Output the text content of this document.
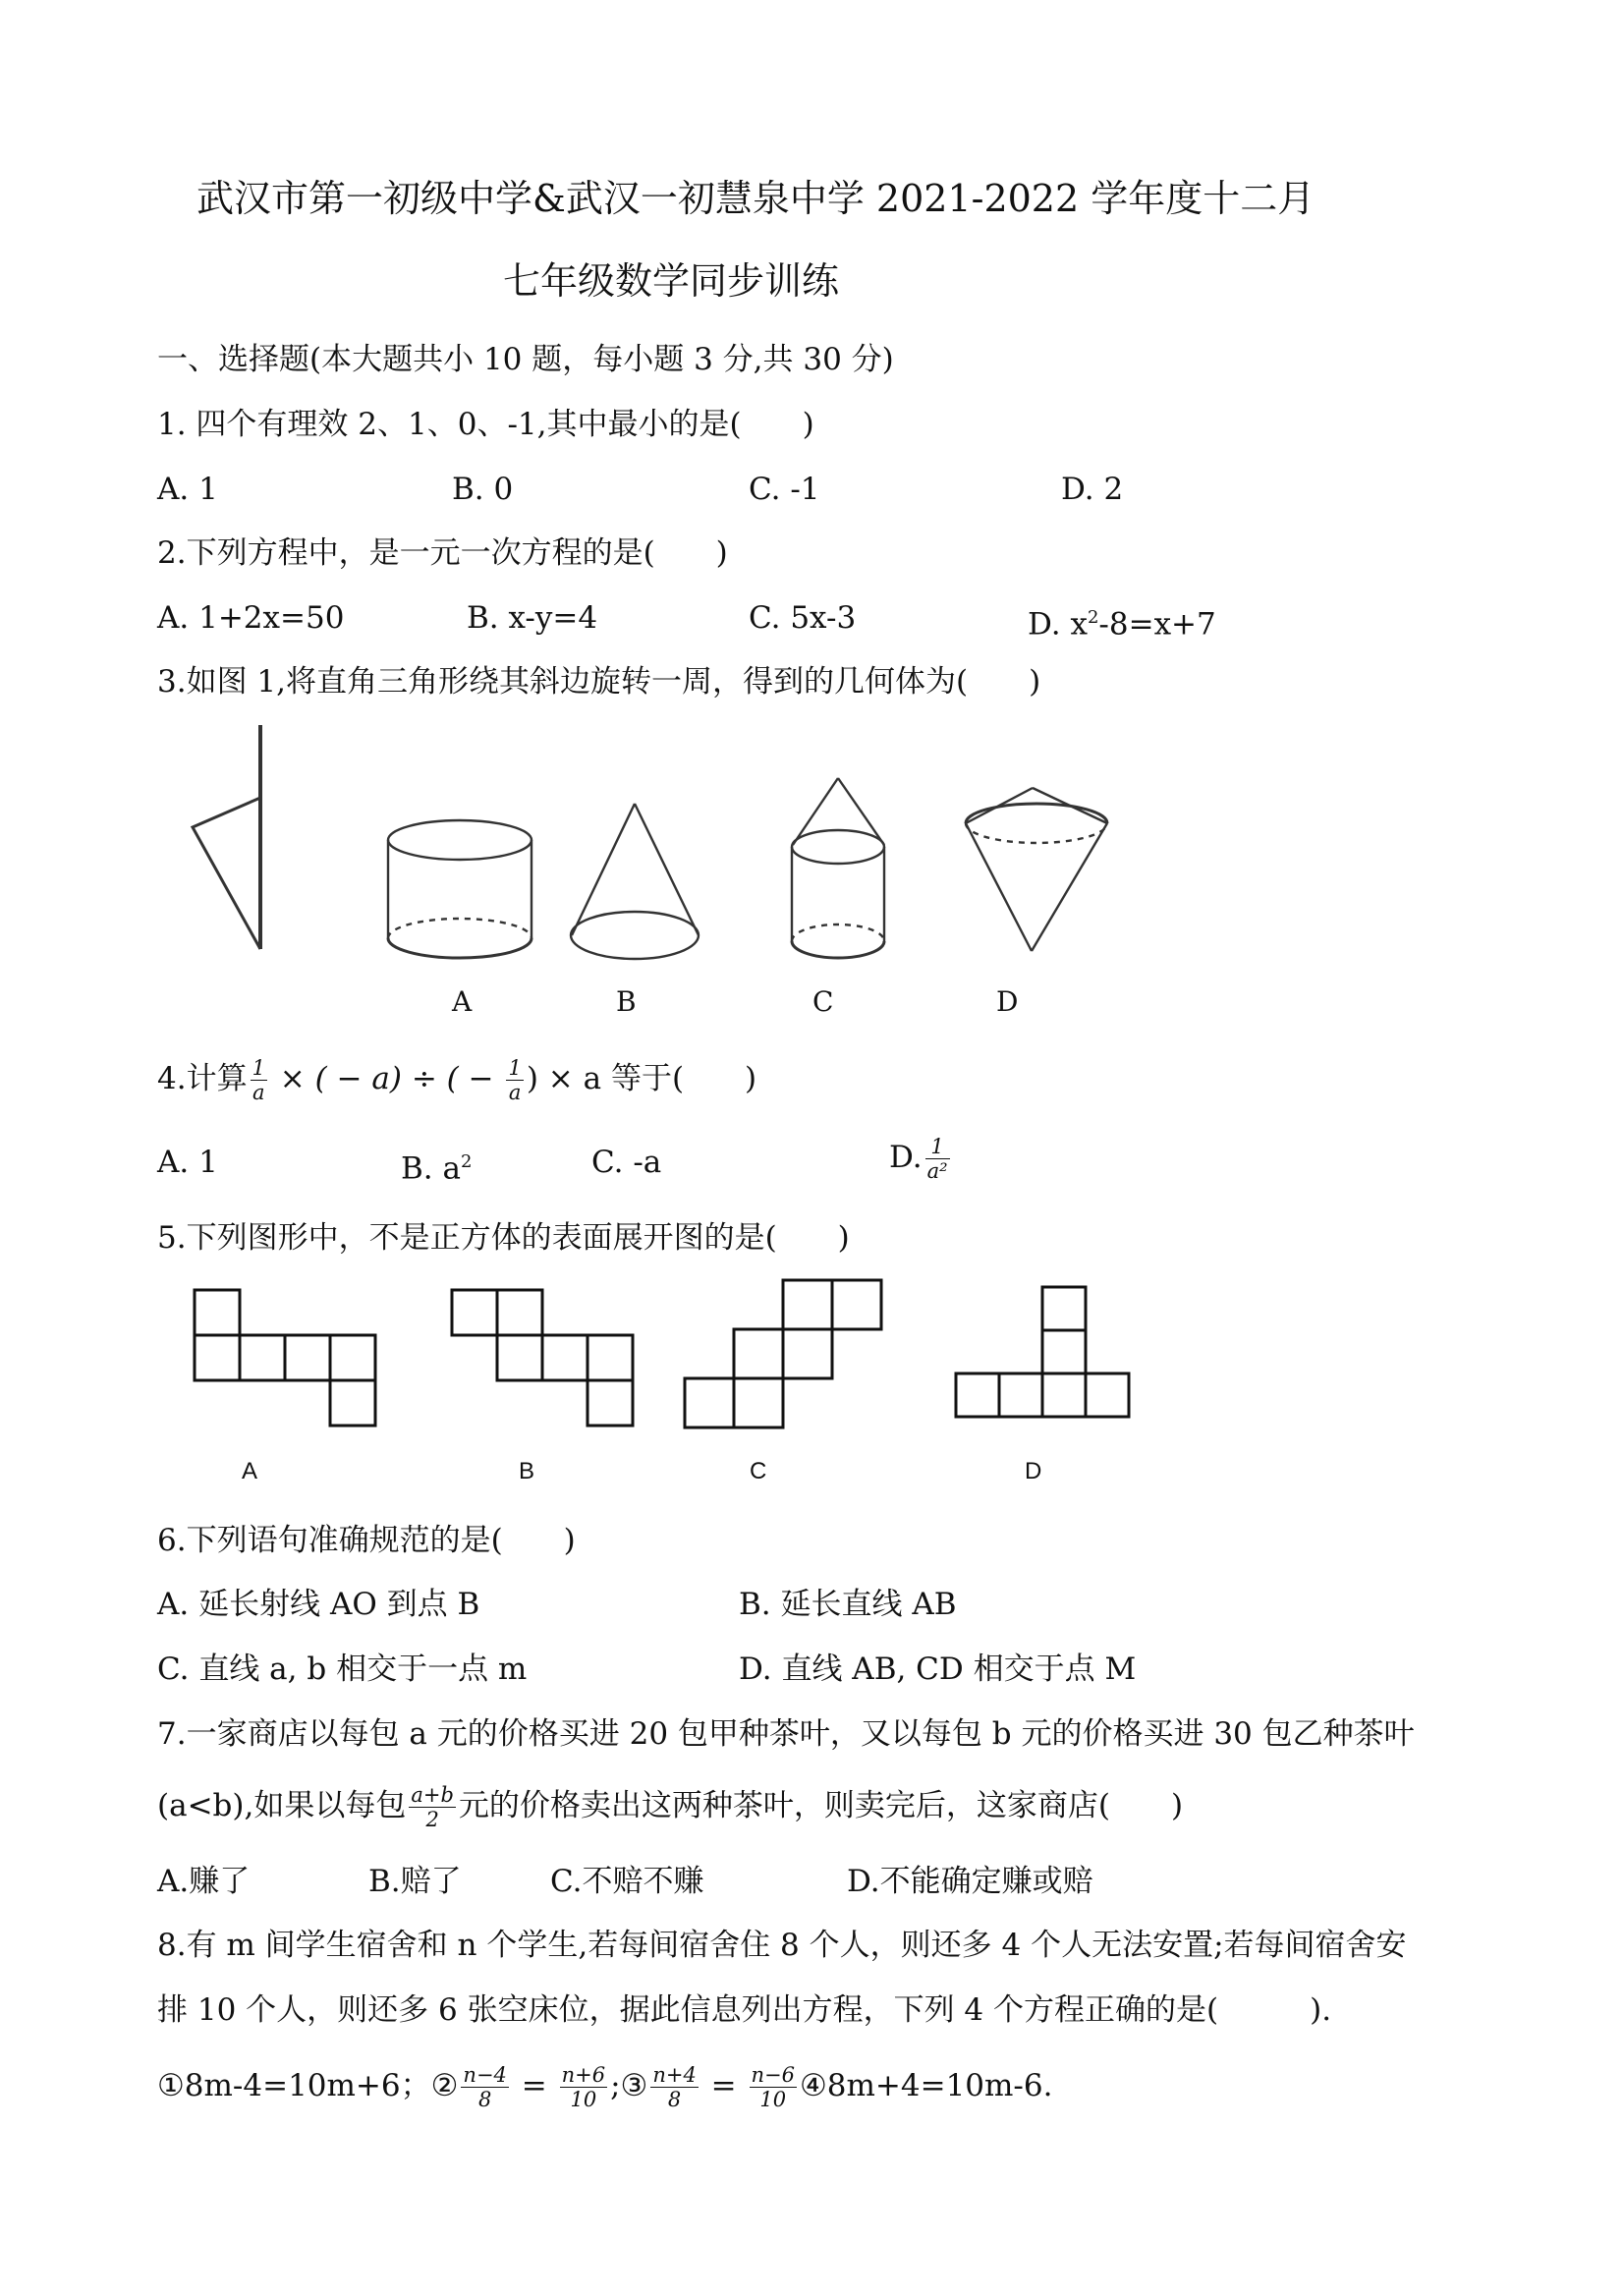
武汉市第一初级中学&武汉一初慧泉中学 2021-2022 学年度十二月
七年级数学同步训练
一、选择题(本大题共小 10 题，每小题 3 分,共 30 分)
1. 四个有理效 2、1、0、-1,其中最小的是(　　)
A. 1	B. 0	C. -1	D. 2
2.下列方程中，是一元一次方程的是(　　)
A. 1+2x=50	B. x-y=4	C. 5x-3	D. $x^2-8=x+7$
3.如图 1,将直角三角形绕其斜边旋转一周，得到的几何体为(　　)
A	B	C	D
4.计算 $\frac{1}{a}$ × ( − a) ÷ ( − $\frac{1}{a}$ ) × a 等于(　　)
A. 1	B. $a^2$	C. -a	D. $\frac{1}{\text{a²}}$
5.下列图形中，不是正方体的表面展开图的是(　　)
A	B	C	D
6.下列语句准确规范的是(　　)
A. 延长射线 AO 到点 B	B. 延长直线 AB
C. 直线 a, b 相交于一点 m	D. 直线 AB, CD 相交于点 M
7.一家商店以每包 a 元的价格买进 20 包甲种茶叶，又以每包 b 元的价格买进 30 包乙种茶叶
(a<b),如果以每包 $\frac{a+b}{2}$ 元的价格卖出这两种茶叶，则卖完后，这家商店(　　)
A.赚了	B.赔了	C.不赔不赚	D.不能确定赚或赔
8.有 m 间学生宿舍和 n 个学生,若每间宿舍住 8 个人，则还多 4 个人无法安置;若每间宿舍安
排 10 个人，则还多 6 张空床位，据此信息列出方程，下列 4 个方程正确的是(　　　).
①8m-4=10m+6；② $\frac{n-4}{8} = \frac{n+6}{10}$ ;③ $\frac{n+4}{8} = \frac{n-6}{10}$ ④8m+4=10m-6.
